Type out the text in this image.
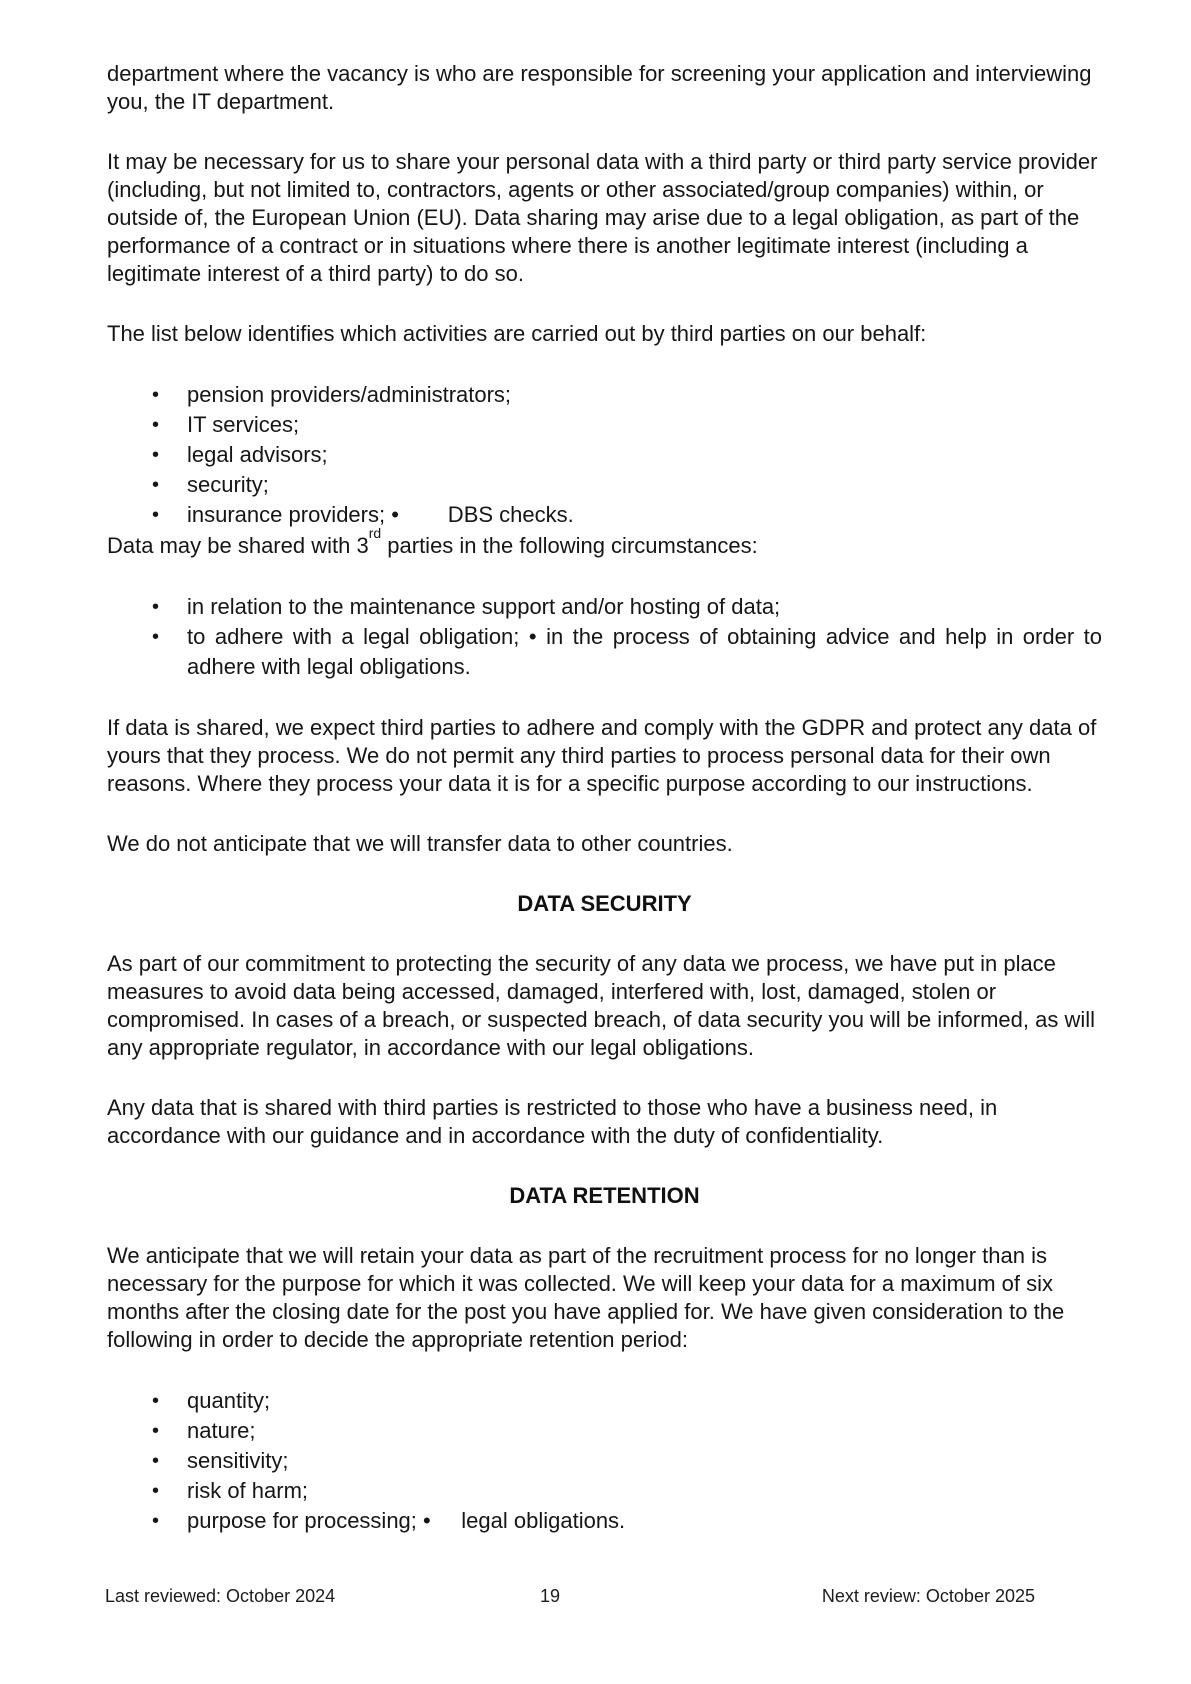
department where the vacancy is who are responsible for screening your application and interviewing you, the IT department.

It may be necessary for us to share your personal data with a third party or third party service provider (including, but not limited to, contractors, agents or other associated/group companies) within, or outside of, the European Union (EU). Data sharing may arise due to a legal obligation, as part of the performance of a contract or in situations where there is another legitimate interest (including a legitimate interest of a third party) to do so.

The list below identifies which activities are carried out by third parties on our behalf:

• pension providers/administrators;
• IT services;
• legal advisors;
• security;
• insurance providers; •        DBS checks.

Data may be shared with 3rd parties in the following circumstances:

• in relation to the maintenance support and/or hosting of data;
• to adhere with a legal obligation; • in the process of obtaining advice and help in order to adhere with legal obligations.

If data is shared, we expect third parties to adhere and comply with the GDPR and protect any data of yours that they process. We do not permit any third parties to process personal data for their own reasons. Where they process your data it is for a specific purpose according to our instructions.

We do not anticipate that we will transfer data to other countries.

DATA SECURITY

As part of our commitment to protecting the security of any data we process, we have put in place measures to avoid data being accessed, damaged, interfered with, lost, damaged, stolen or compromised. In cases of a breach, or suspected breach, of data security you will be informed, as will any appropriate regulator, in accordance with our legal obligations.

Any data that is shared with third parties is restricted to those who have a business need, in accordance with our guidance and in accordance with the duty of confidentiality.

DATA RETENTION

We anticipate that we will retain your data as part of the recruitment process for no longer than is necessary for the purpose for which it was collected. We will keep your data for a maximum of six months after the closing date for the post you have applied for. We have given consideration to the following in order to decide the appropriate retention period:

• quantity;
• nature;
• sensitivity;
• risk of harm;
• purpose for processing; •     legal obligations.
Last reviewed: October 2024	19	Next review: October 2025
